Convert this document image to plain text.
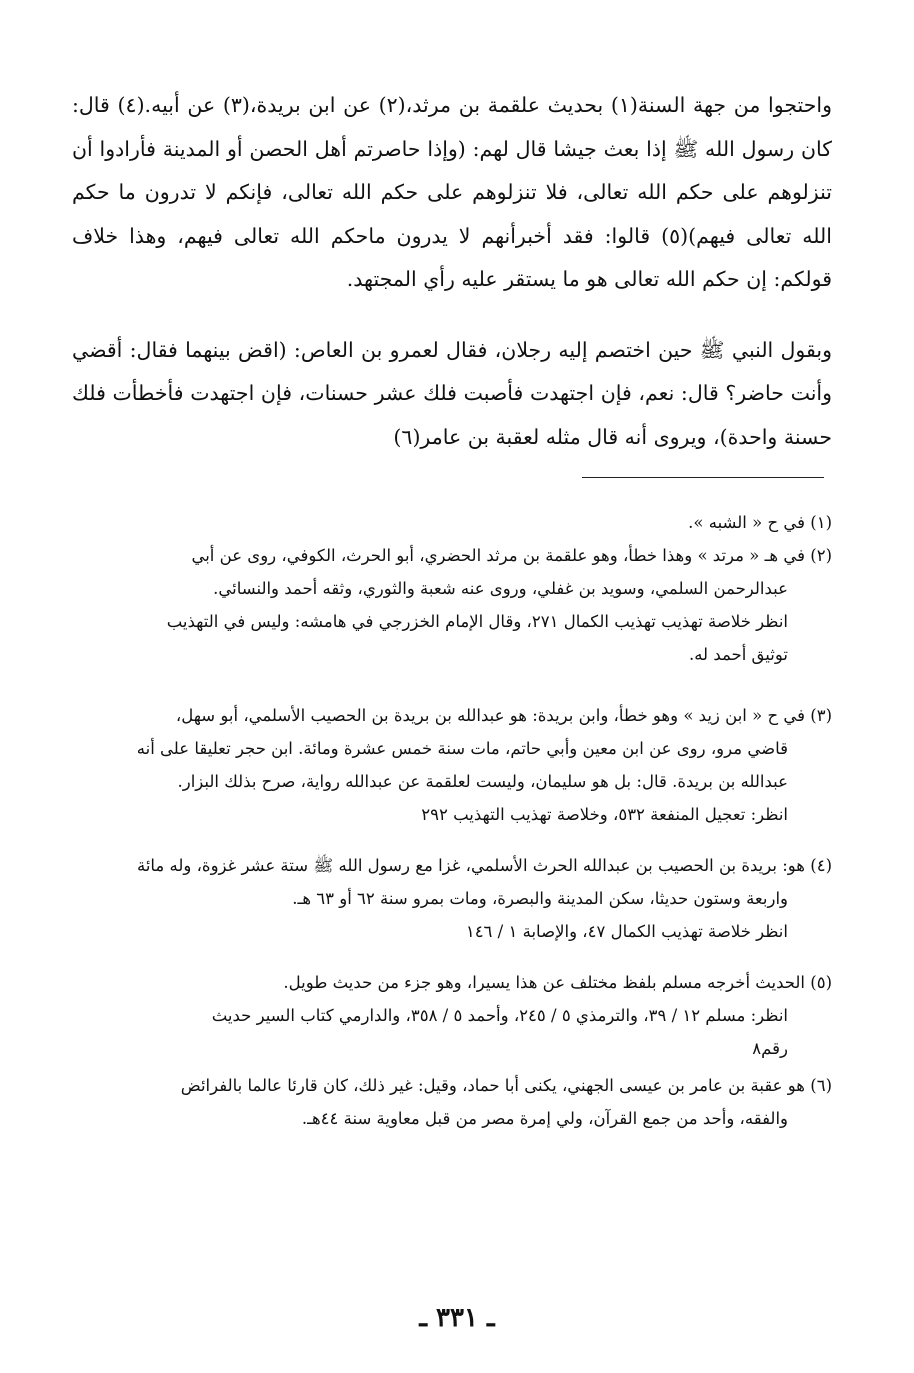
واحتجوا من جهة السنة(١) بحديث علقمة بن مرثد،(٢) عن ابن بريدة،(٣) عن أبيه.(٤) قال: كان رسول الله ﷺ إذا بعث جيشا قال لهم: (وإذا حاصرتم أهل الحصن أو المدينة فأرادوا أن تنزلوهم على حكم الله تعالى، فلا تنزلوهم على حكم الله تعالى، فإنكم لا تدرون ما حكم الله تعالى فيهم)(٥) قالوا: فقد أخبرأنهم لا يدرون ماحكم الله تعالى فيهم، وهذا خلاف قولكم: إن حكم الله تعالى هو ما يستقر عليه رأي المجتهد.

وبقول النبي ﷺ حين اختصم إليه رجلان، فقال لعمرو بن العاص: (اقض بينهما فقال: أقضي وأنت حاضر؟ قال: نعم، فإن اجتهدت فأصبت فلك عشر حسنات، فإن اجتهدت فأخطأت فلك حسنة واحدة)، ويروى أنه قال مثله لعقبة بن عامر(٦)

(١) في ح « الشبه ».

(٢) في هـ « مرتد » وهذا خطأ، وهو علقمة بن مرثد الحضري، أبو الحرث، الكوفي، روى عن أبي
عبدالرحمن السلمي، وسويد بن غفلي، وروى عنه شعبة والثوري، وثقه أحمد والنسائي.
انظر خلاصة تهذيب تهذيب الكمال ٢٧١، وقال الإمام الخزرجي في هامشه: وليس في التهذيب
توثيق أحمد له.

(٣) في ح « ابن زيد » وهو خطأ، وابن بريدة: هو عبدالله بن بريدة بن الحصيب الأسلمي، أبو سهل،
قاضي مرو، روى عن ابن معين وأبي حاتم، مات سنة خمس عشرة ومائة. ابن حجر تعليقا على أنه
عبدالله بن بريدة. قال: بل هو سليمان، وليست لعلقمة عن عبدالله رواية، صرح بذلك البزار.
انظر: تعجيل المنفعة ٥٣٢، وخلاصة تهذيب التهذيب ٢٩٢

(٤) هو: بريدة بن الحصيب بن عبدالله الحرث الأسلمي، غزا مع رسول الله ﷺ ستة عشر غزوة، وله مائة
واربعة وستون حديثا، سكن المدينة والبصرة، ومات بمرو سنة ٦٢ أو ٦٣ هـ.
انظر خلاصة تهذيب الكمال ٤٧، والإصابة ١ / ١٤٦

(٥) الحديث أخرجه مسلم بلفظ مختلف عن هذا يسيرا، وهو جزء من حديث طويل.
انظر: مسلم ١٢ / ٣٩، والترمذي ٥ / ٢٤٥، وأحمد ٥ / ٣٥٨، والدارمي كتاب السير حديث
رقم٨

(٦) هو عقبة بن عامر بن عيسى الجهني، يكنى أبا حماد، وقيل: غير ذلك، كان قارئا عالما بالفرائض
والفقه، وأحد من جمع القرآن، ولي إمرة مصر من قبل معاوية سنة ٤٤هـ.

ـ ٣٣١ ـ
